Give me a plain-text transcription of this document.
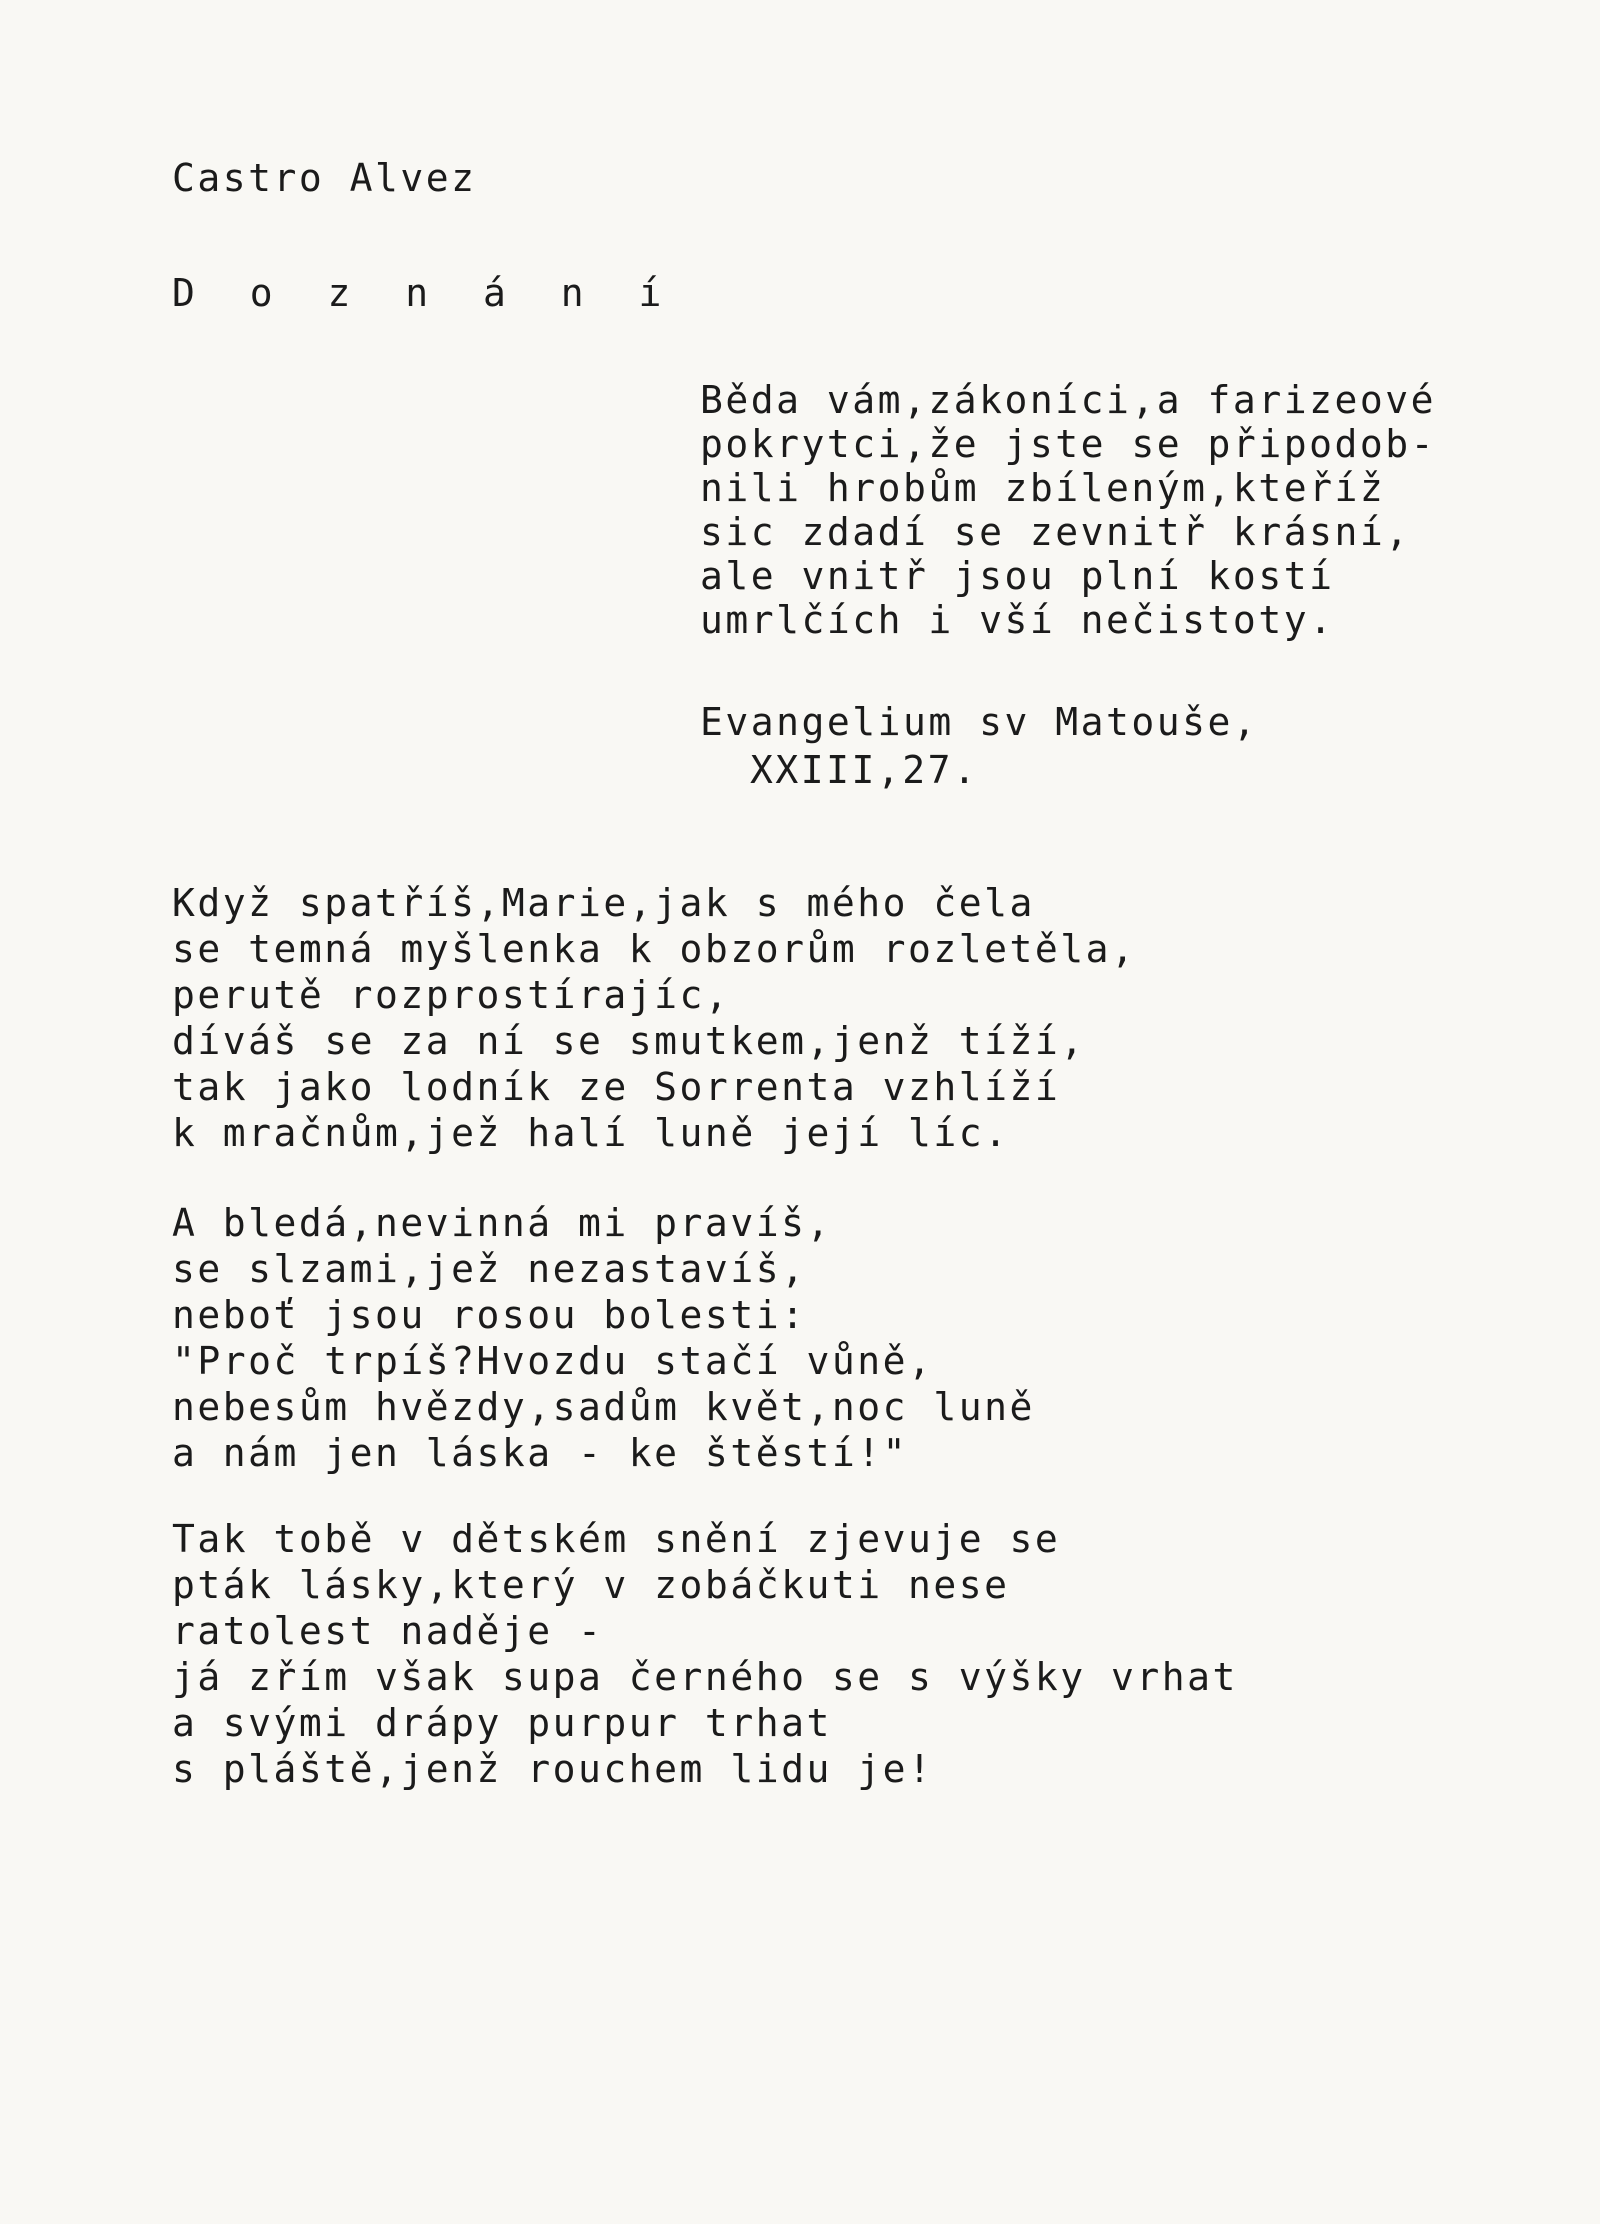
Castro Alvez
D o z n á n í
Běda vám,zákoníci,a farizeové
pokrytci,že jste se připodob-
nili hrobům zbíleným,kteříž
sic zdadí se zevnitř krásní,
ale vnitř jsou plní kostí
umrlčích i vší nečistoty.
Evangelium sv Matouše,
XXIII,27.
Když spatříš,Marie,jak s mého čela
se temná myšlenka k obzorům rozletěla,
perutě rozprostírajíc,
díváš se za ní se smutkem,jenž tíží,
tak jako lodník ze Sorrenta vzhlíží
k mračnům,jež halí luně její líc.
A bledá,nevinná mi pravíš,
se slzami,jež nezastavíš,
neboť jsou rosou bolesti:
"Proč trpíš?Hvozdu stačí vůně,
nebesům hvězdy,sadům květ,noc luně
a nám jen láska - ke štěstí!"
Tak tobě v dětském snění zjevuje se
pták lásky,který v zobáčkuti nese
ratolest naděje -
já zřím však supa černého se s výšky vrhat
a svými drápy purpur trhat
s pláště,jenž rouchem lidu je!
